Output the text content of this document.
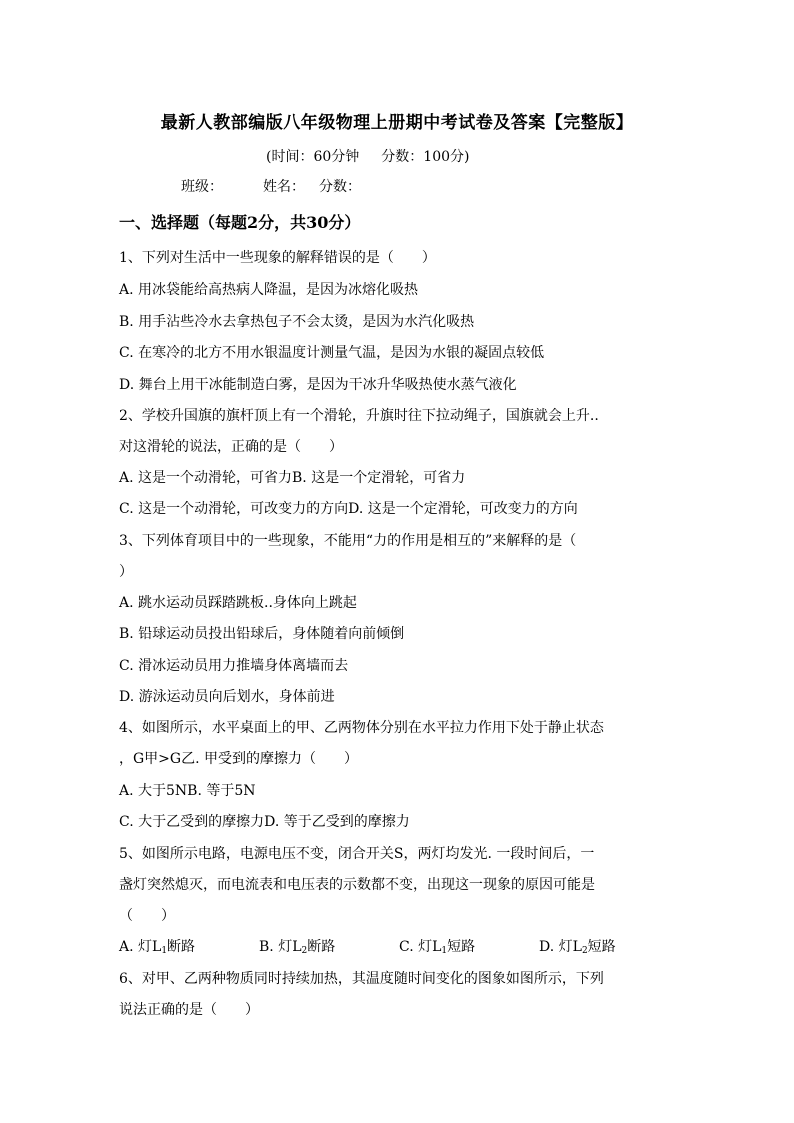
最新人教部编版八年级物理上册期中考试卷及答案【完整版】
(时间：60分钟 分数：100分)
班级：	姓名： 分数：
一、选择题（每题2分，共30分）
1、下列对生活中一些现象的解释错误的是（　　）
A. 用冰袋能给高热病人降温，是因为冰熔化吸热
B. 用手沾些冷水去拿热包子不会太烫，是因为水汽化吸热
C. 在寒冷的北方不用水银温度计测量气温，是因为水银的凝固点较低
D. 舞台上用干冰能制造白雾，是因为干冰升华吸热使水蒸气液化
2、学校升国旗的旗杆顶上有一个滑轮，升旗时往下拉动绳子，国旗就会上升..
对这滑轮的说法，正确的是（　　）
A. 这是一个动滑轮，可省力B. 这是一个定滑轮，可省力
C. 这是一个动滑轮，可改变力的方向D. 这是一个定滑轮，可改变力的方向
3、下列体育项目中的一些现象，不能用“力的作用是相互的”来解释的是（
）
A. 跳水运动员踩踏跳板..身体向上跳起
B. 铅球运动员投出铅球后，身体随着向前倾倒
C. 滑冰运动员用力推墙身体离墙而去
D. 游泳运动员向后划水，身体前进
4、如图所示，水平桌面上的甲、乙两物体分别在水平拉力作用下处于静止状态
，G甲>G乙. 甲受到的摩擦力（　　）
A. 大于5NB. 等于5N
C. 大于乙受到的摩擦力D. 等于乙受到的摩擦力
5、如图所示电路，电源电压不变，闭合开关S，两灯均发光. 一段时间后，一
盏灯突然熄灭，而电流表和电压表的示数都不变，出现这一现象的原因可能是
（　　）
A. 灯$L_1$断路	B. 灯$L_2$断路	C. 灯$L_1$短路	D. 灯$L_2$短路
6、对甲、乙两种物质同时持续加热，其温度随时间变化的图象如图所示，下列
说法正确的是（　　）
